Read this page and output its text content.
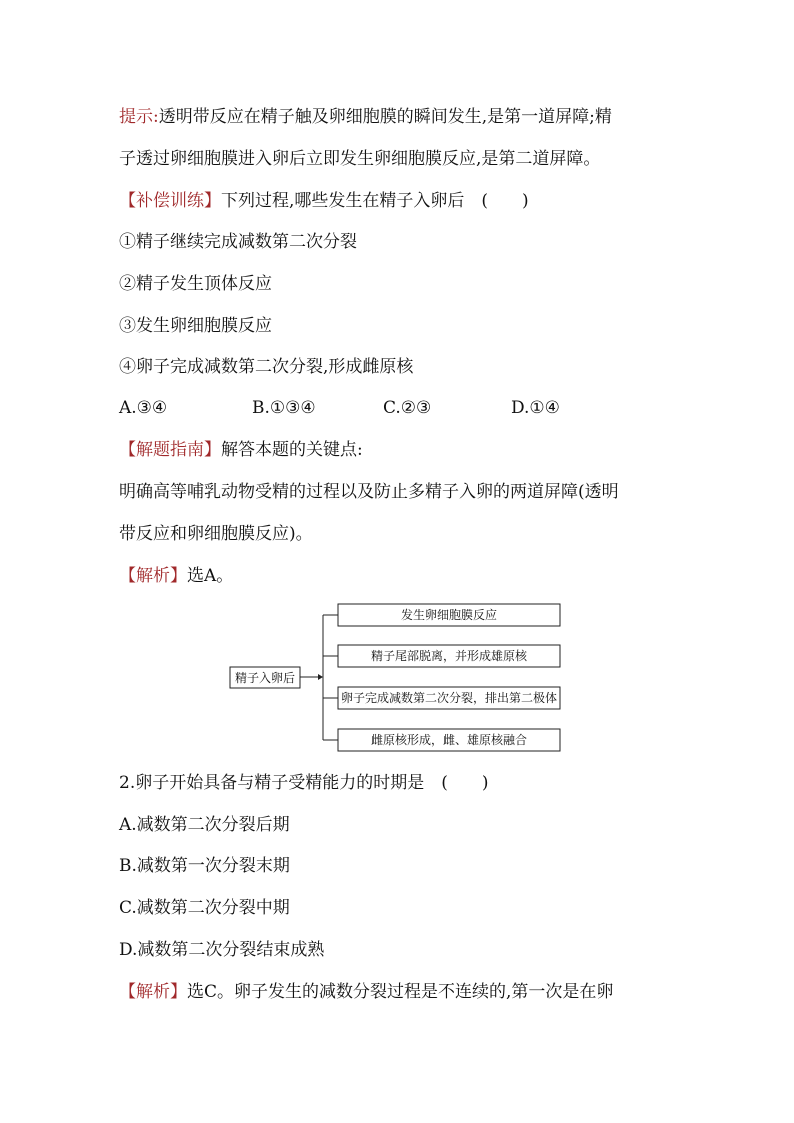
提示:透明带反应在精子触及卵细胞膜的瞬间发生,是第一道屏障;精
子透过卵细胞膜进入卵后立即发生卵细胞膜反应,是第二道屏障。
【补偿训练】下列过程,哪些发生在精子入卵后　(　　)
①精子继续完成减数第二次分裂
②精子发生顶体反应
③发生卵细胞膜反应
④卵子完成减数第二次分裂,形成雌原核
A.③④	B.①③④	C.②③	D.①④
【解题指南】解答本题的关键点:
明确高等哺乳动物受精的过程以及防止多精子入卵的两道屏障(透明
带反应和卵细胞膜反应)。
【解析】选A。
精子入卵后
发生卵细胞膜反应
精子尾部脱离，并形成雄原核
卵子完成减数第二次分裂，排出第二极体
雌原核形成，雌、雄原核融合
2.卵子开始具备与精子受精能力的时期是　(　　)
A.减数第二次分裂后期
B.减数第一次分裂末期
C.减数第二次分裂中期
D.减数第二次分裂结束成熟
【解析】选C。卵子发生的减数分裂过程是不连续的,第一次是在卵
